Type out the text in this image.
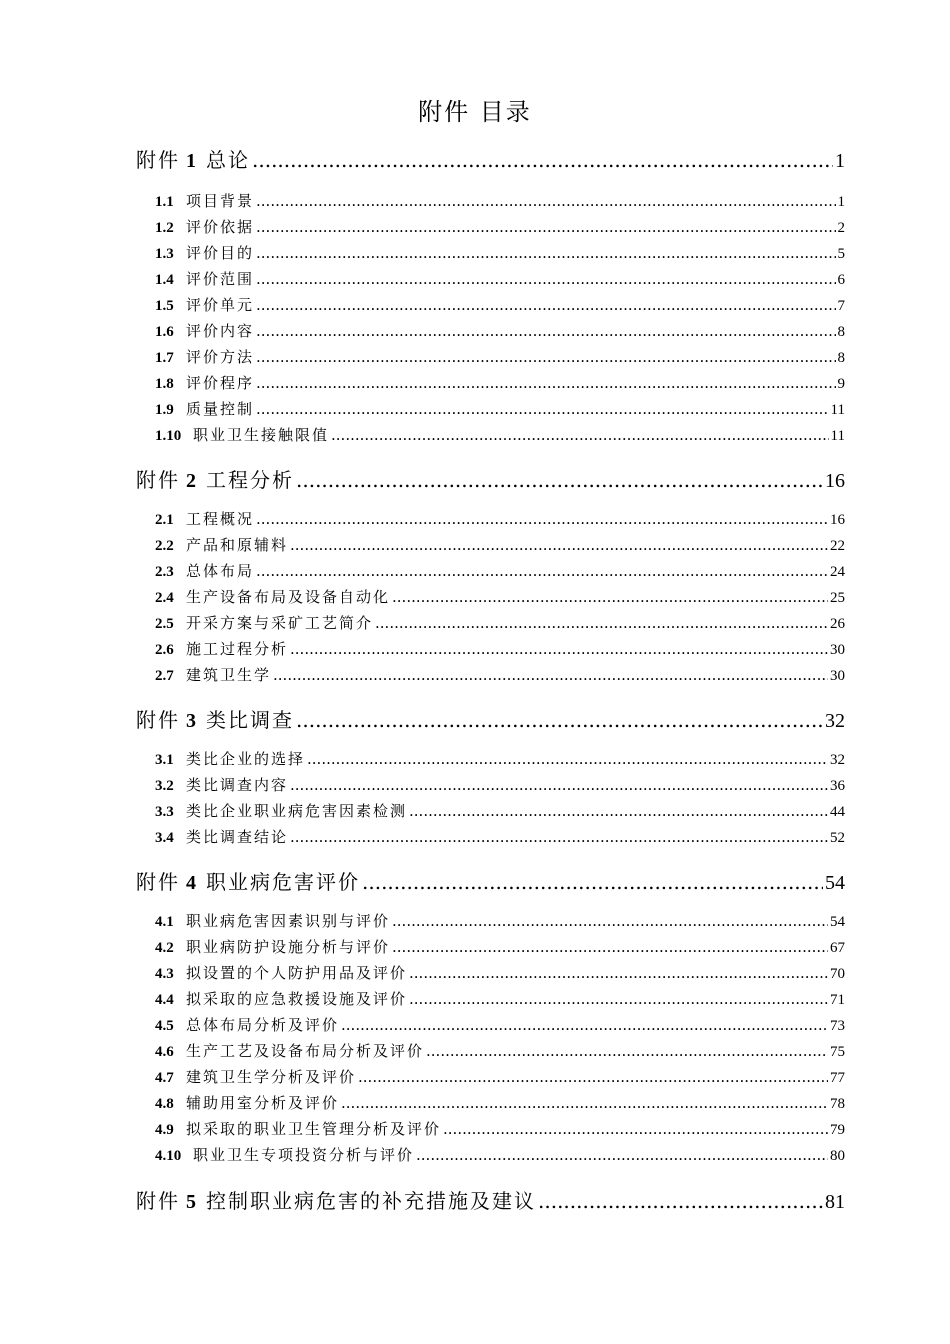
附件 目录
附件 1 总论 .....	1
1.1 项目背景 .....	1
1.2 评价依据 .....	2
1.3 评价目的 .....	5
1.4 评价范围 .....	6
1.5 评价单元 .....	7
1.6 评价内容 .....	8
1.7 评价方法 .....	8
1.8 评价程序 .....	9
1.9 质量控制 .....	11
1.10 职业卫生接触限值 .....	11
附件 2 工程分析 .....	16
2.1 工程概况 .....	16
2.2 产品和原辅料 .....	22
2.3 总体布局 .....	24
2.4 生产设备布局及设备自动化 .....	25
2.5 开采方案与采矿工艺简介 .....	26
2.6 施工过程分析 .....	30
2.7 建筑卫生学 .....	30
附件 3 类比调查 .....	32
3.1 类比企业的选择 .....	32
3.2 类比调查内容 .....	36
3.3 类比企业职业病危害因素检测 .....	44
3.4 类比调查结论 .....	52
附件 4 职业病危害评价 .....	54
4.1 职业病危害因素识别与评价 .....	54
4.2 职业病防护设施分析与评价 .....	67
4.3 拟设置的个人防护用品及评价 .....	70
4.4 拟采取的应急救援设施及评价 .....	71
4.5 总体布局分析及评价 .....	73
4.6 生产工艺及设备布局分析及评价 .....	75
4.7 建筑卫生学分析及评价 .....	77
4.8 辅助用室分析及评价 .....	78
4.9 拟采取的职业卫生管理分析及评价 .....	79
4.10 职业卫生专项投资分析与评价 .....	80
附件 5 控制职业病危害的补充措施及建议 .....	81
